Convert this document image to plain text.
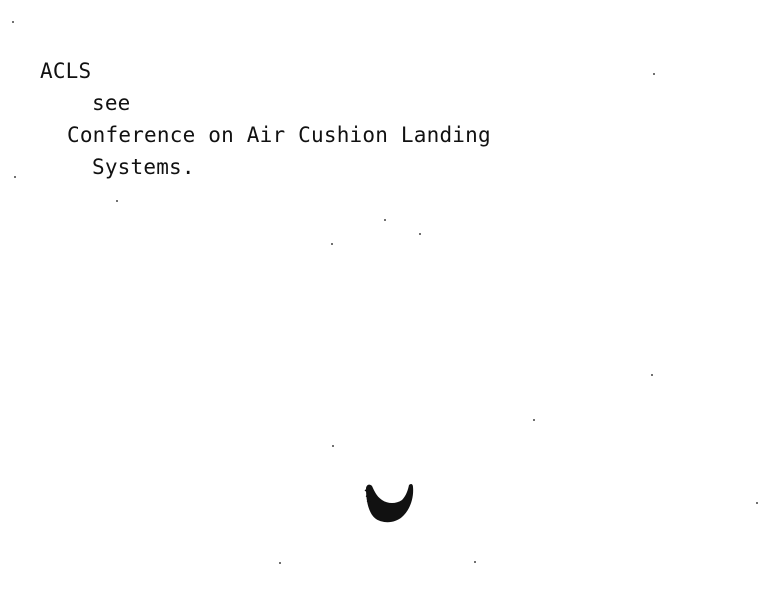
ACLS
see
Conference on Air Cushion Landing
Systems.
